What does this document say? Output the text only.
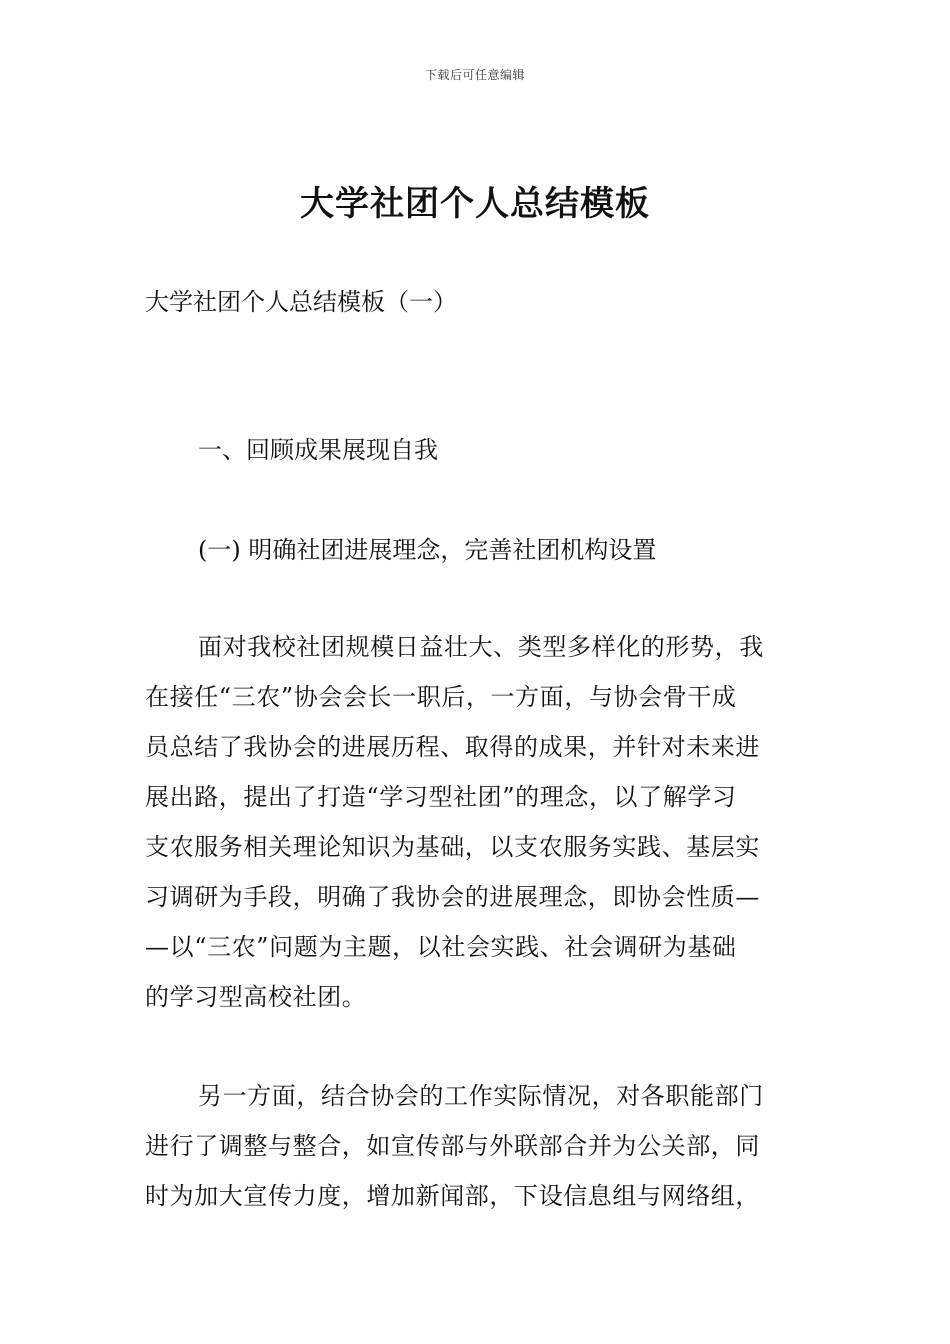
下载后可任意编辑
大学社团个人总结模板

大学社团个人总结模板（一）

一、回顾成果展现自我

(一) 明确社团进展理念，完善社团机构设置

面对我校社团规模日益壮大、类型多样化的形势，我
在接任“三农”协会会长一职后，一方面，与协会骨干成
员总结了我协会的进展历程、取得的成果，并针对未来进
展出路，提出了打造“学习型社团”的理念，以了解学习
支农服务相关理论知识为基础，以支农服务实践、基层实
习调研为手段，明确了我协会的进展理念，即协会性质—
—以“三农”问题为主题，以社会实践、社会调研为基础
的学习型高校社团。
另一方面，结合协会的工作实际情况，对各职能部门
进行了调整与整合，如宣传部与外联部合并为公关部，同
时为加大宣传力度，增加新闻部，下设信息组与网络组，
